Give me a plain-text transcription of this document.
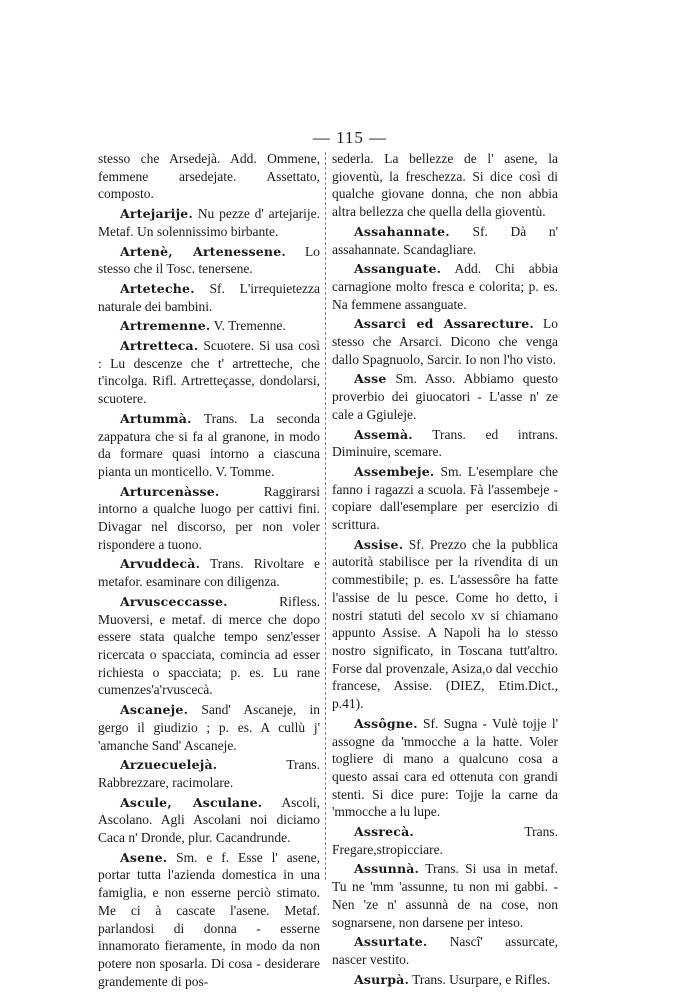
— 115 —

stesso che Arsedejà. Add. Ommene, femmene arsedejate. Assettato, composto.

Artejarije. Nu pezze d' artejarije. Metaf. Un solennissimo birbante.

Artenè, Artenessene. Lo stesso che il Tosc. tenersene.

Arteteche. Sf. L'irrequietezza naturale dei bambini.

Artremenne. V. Tremenne.

Artretteca. Scuotere. Si usa così : Lu descenze che t' artretteche, che t'incolga. Rifl. Artretteçasse, dondolarsi, scuotere.

Artummà. Trans. La seconda zappatura che si fa al granone, in modo da formare quasi intorno a ciascuna pianta un monticello. V. Tomme.

Arturcenàsse.	Raggirarsi intorno a qualche luogo per cattivi fini. Divagar nel discorso, per non voler rispondere a tuono.

Arvuddecà. Trans. Rivoltare e metafor. esaminare con diligenza.

Arvusceccasse.	Rifless. Muoversi, e metaf. di merce che dopo essere stata qualche tempo senz'esser ricercata o spacciata, comincia ad esser richiesta o spacciata; p. es. Lu rane cumenzes'a'rvuscecà.

Ascaneje. Sand' Ascaneje, in gergo il giudizio ; p. es. A cullù j' 'amanche Sand' Ascaneje.

Arzuecuelejà.	Trans. Rabbrezzare, racimolare.

Ascule, Asculane. Ascoli, Ascolano. Agli Ascolani noi diciamo Caca n' Dronde, plur. Cacandrunde.

Asene. Sm. e f. Esse l' asene, portar tutta l'azienda domestica in una famiglia, e non esserne perciò stimato. Me ci à cascate l'asene. Metaf. parlandosi di donna - esserne innamorato fieramente, in modo da non potere non sposarla. Di cosa - desiderare grandemente di pos-

sederla. La bellezze de l' asene, la gioventù, la freschezza. Si dice così di qualche giovane donna, che non abbia altra bellezza che quella della gioventù.

Assahannate. Sf. Dà n' assahannate. Scandagliare.

Assanguate. Add. Chi abbia carnagione molto fresca e colorita; p. es. Na femmene assanguate.

Assarci ed Assarecture. Lo stesso che Arsarci. Dicono che venga dallo Spagnuolo, Sarcir. Io non l'ho visto.

Asse Sm. Asso. Abbiamo questo proverbio dei giuocatori - L'asse n' ze cale a Ggiuleje.

Assemà. Trans. ed intrans. Diminuire, scemare.

Assembeje. Sm. L'esemplare che fanno i ragazzi a scuola. Fà l'assembeje - copiare dall'esemplare per esercizio di scrittura.

Assise. Sf. Prezzo che la pubblica autorità stabilisce per la rivendita di un commestibile; p. es. L'assessôre ha fatte l'assise de lu pesce. Come ho detto, i nostri statuti del secolo xv si chiamano appunto Assise. A Napoli ha lo stesso nostro significato, in Toscana tutt'altro. Forse dal provenzale, Asiza,o dal vecchio francese, Assise. (DIEZ, Etim.Dict., p.41).

Assôgne. Sf. Sugna - Vulè tojje l' assogne da 'mmocche a la hatte. Voler togliere di mano a qualcuno cosa a questo assai cara ed ottenuta con grandi stenti. Si dice pure: Tojje la carne da 'mmocche a lu lupe.

Assrecà.	Trans. Fregare,stropicciare.

Assunnà. Trans. Si usa in metaf. Tu ne 'mm 'assunne, tu non mi gabbi. - Nen 'ze n' assunnà de na cose, non sognarsene, non darsene per inteso.

Assurtate. Nascî' assurcate, nascer vestito.

Asurpà. Trans. Usurpare, e Rifles.
